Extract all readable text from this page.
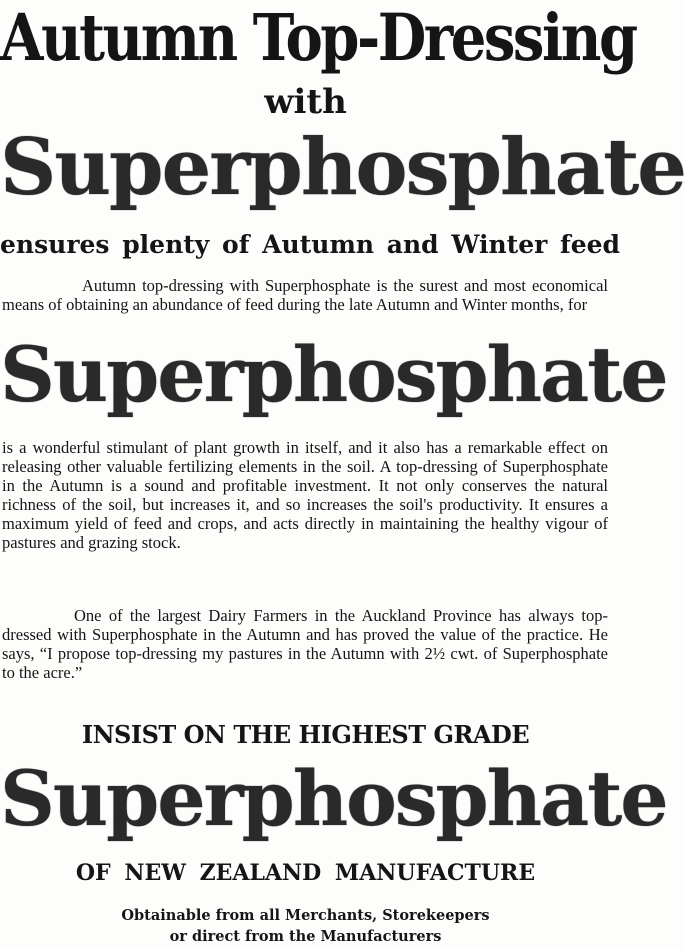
Autumn Top-Dressing
with
Superphosphate
ensures plenty of Autumn and Winter feed
Autumn top-dressing with Superphosphate is the surest and most economical means of obtaining an abundance of feed during the late Autumn and Winter months, for
Superphosphate
is a wonderful stimulant of plant growth in itself, and it also has a remarkable effect on releasing other valuable fertilizing elements in the soil. A top-dressing of Superphosphate in the Autumn is a sound and profitable investment. It not only conserves the natural richness of the soil, but increases it, and so increases the soil's productivity. It ensures a maximum yield of feed and crops, and acts directly in maintaining the healthy vigour of pastures and grazing stock.
One of the largest Dairy Farmers in the Auckland Province has always top-dressed with Superphosphate in the Autumn and has proved the value of the practice. He says, “I propose top-dressing my pastures in the Autumn with 2½ cwt. of Superphosphate to the acre.”
INSIST ON THE HIGHEST GRADE
Superphosphate
OF NEW ZEALAND MANUFACTURE
Obtainable from all Merchants, Storekeepers
or direct from the Manufacturers
